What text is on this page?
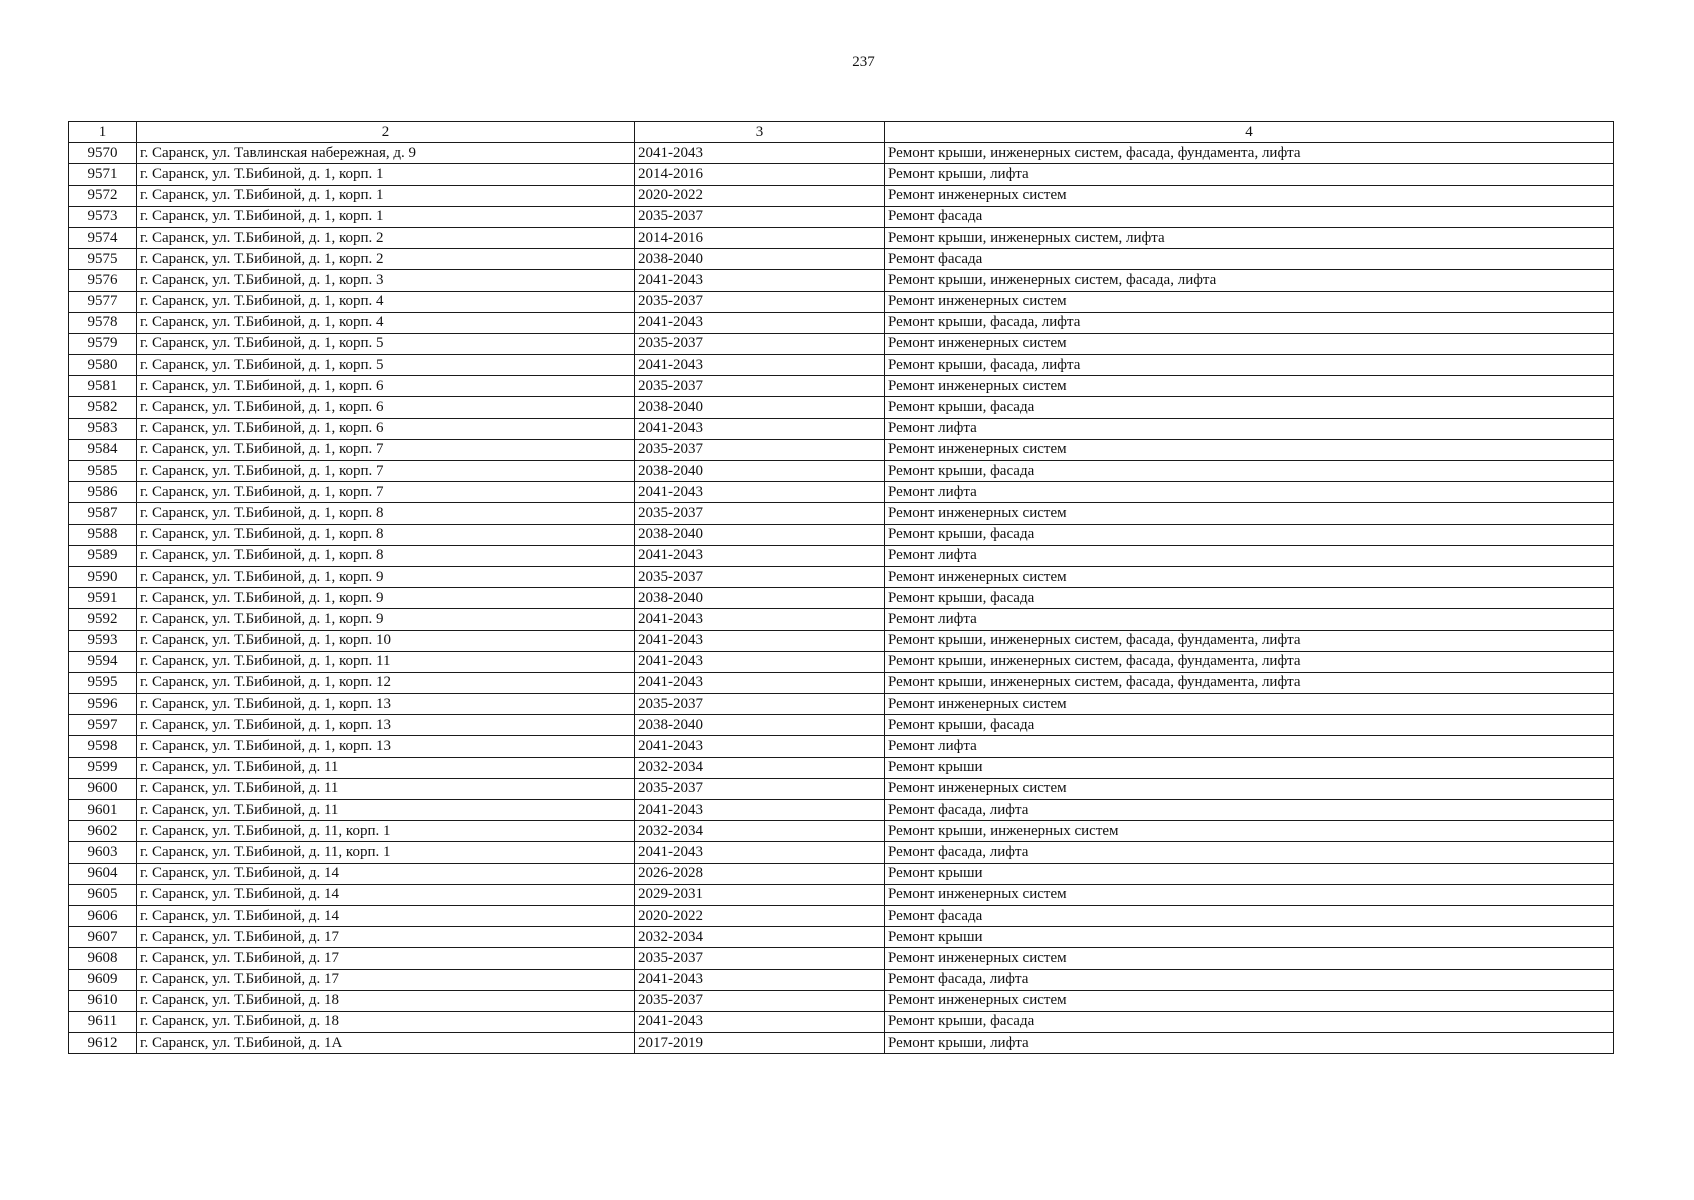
237
1	2	3	4
9570	г. Саранск, ул. Тавлинская набережная, д. 9	2041-2043	Ремонт крыши, инженерных систем, фасада, фундамента, лифта
9571	г. Саранск, ул. Т.Бибиной, д. 1, корп. 1	2014-2016	Ремонт крыши, лифта
9572	г. Саранск, ул. Т.Бибиной, д. 1, корп. 1	2020-2022	Ремонт инженерных систем
9573	г. Саранск, ул. Т.Бибиной, д. 1, корп. 1	2035-2037	Ремонт фасада
9574	г. Саранск, ул. Т.Бибиной, д. 1, корп. 2	2014-2016	Ремонт крыши, инженерных систем, лифта
9575	г. Саранск, ул. Т.Бибиной, д. 1, корп. 2	2038-2040	Ремонт фасада
9576	г. Саранск, ул. Т.Бибиной, д. 1, корп. 3	2041-2043	Ремонт крыши, инженерных систем, фасада, лифта
9577	г. Саранск, ул. Т.Бибиной, д. 1, корп. 4	2035-2037	Ремонт инженерных систем
9578	г. Саранск, ул. Т.Бибиной, д. 1, корп. 4	2041-2043	Ремонт крыши, фасада, лифта
9579	г. Саранск, ул. Т.Бибиной, д. 1, корп. 5	2035-2037	Ремонт инженерных систем
9580	г. Саранск, ул. Т.Бибиной, д. 1, корп. 5	2041-2043	Ремонт крыши, фасада, лифта
9581	г. Саранск, ул. Т.Бибиной, д. 1, корп. 6	2035-2037	Ремонт инженерных систем
9582	г. Саранск, ул. Т.Бибиной, д. 1, корп. 6	2038-2040	Ремонт крыши, фасада
9583	г. Саранск, ул. Т.Бибиной, д. 1, корп. 6	2041-2043	Ремонт лифта
9584	г. Саранск, ул. Т.Бибиной, д. 1, корп. 7	2035-2037	Ремонт инженерных систем
9585	г. Саранск, ул. Т.Бибиной, д. 1, корп. 7	2038-2040	Ремонт крыши, фасада
9586	г. Саранск, ул. Т.Бибиной, д. 1, корп. 7	2041-2043	Ремонт лифта
9587	г. Саранск, ул. Т.Бибиной, д. 1, корп. 8	2035-2037	Ремонт инженерных систем
9588	г. Саранск, ул. Т.Бибиной, д. 1, корп. 8	2038-2040	Ремонт крыши, фасада
9589	г. Саранск, ул. Т.Бибиной, д. 1, корп. 8	2041-2043	Ремонт лифта
9590	г. Саранск, ул. Т.Бибиной, д. 1, корп. 9	2035-2037	Ремонт инженерных систем
9591	г. Саранск, ул. Т.Бибиной, д. 1, корп. 9	2038-2040	Ремонт крыши, фасада
9592	г. Саранск, ул. Т.Бибиной, д. 1, корп. 9	2041-2043	Ремонт лифта
9593	г. Саранск, ул. Т.Бибиной, д. 1, корп. 10	2041-2043	Ремонт крыши, инженерных систем, фасада, фундамента, лифта
9594	г. Саранск, ул. Т.Бибиной, д. 1, корп. 11	2041-2043	Ремонт крыши, инженерных систем, фасада, фундамента, лифта
9595	г. Саранск, ул. Т.Бибиной, д. 1, корп. 12	2041-2043	Ремонт крыши, инженерных систем, фасада, фундамента, лифта
9596	г. Саранск, ул. Т.Бибиной, д. 1, корп. 13	2035-2037	Ремонт инженерных систем
9597	г. Саранск, ул. Т.Бибиной, д. 1, корп. 13	2038-2040	Ремонт крыши, фасада
9598	г. Саранск, ул. Т.Бибиной, д. 1, корп. 13	2041-2043	Ремонт лифта
9599	г. Саранск, ул. Т.Бибиной, д. 11	2032-2034	Ремонт крыши
9600	г. Саранск, ул. Т.Бибиной, д. 11	2035-2037	Ремонт инженерных систем
9601	г. Саранск, ул. Т.Бибиной, д. 11	2041-2043	Ремонт фасада, лифта
9602	г. Саранск, ул. Т.Бибиной, д. 11, корп. 1	2032-2034	Ремонт крыши, инженерных систем
9603	г. Саранск, ул. Т.Бибиной, д. 11, корп. 1	2041-2043	Ремонт фасада, лифта
9604	г. Саранск, ул. Т.Бибиной, д. 14	2026-2028	Ремонт крыши
9605	г. Саранск, ул. Т.Бибиной, д. 14	2029-2031	Ремонт инженерных систем
9606	г. Саранск, ул. Т.Бибиной, д. 14	2020-2022	Ремонт фасада
9607	г. Саранск, ул. Т.Бибиной, д. 17	2032-2034	Ремонт крыши
9608	г. Саранск, ул. Т.Бибиной, д. 17	2035-2037	Ремонт инженерных систем
9609	г. Саранск, ул. Т.Бибиной, д. 17	2041-2043	Ремонт фасада, лифта
9610	г. Саранск, ул. Т.Бибиной, д. 18	2035-2037	Ремонт инженерных систем
9611	г. Саранск, ул. Т.Бибиной, д. 18	2041-2043	Ремонт крыши, фасада
9612	г. Саранск, ул. Т.Бибиной, д. 1А	2017-2019	Ремонт крыши, лифта
